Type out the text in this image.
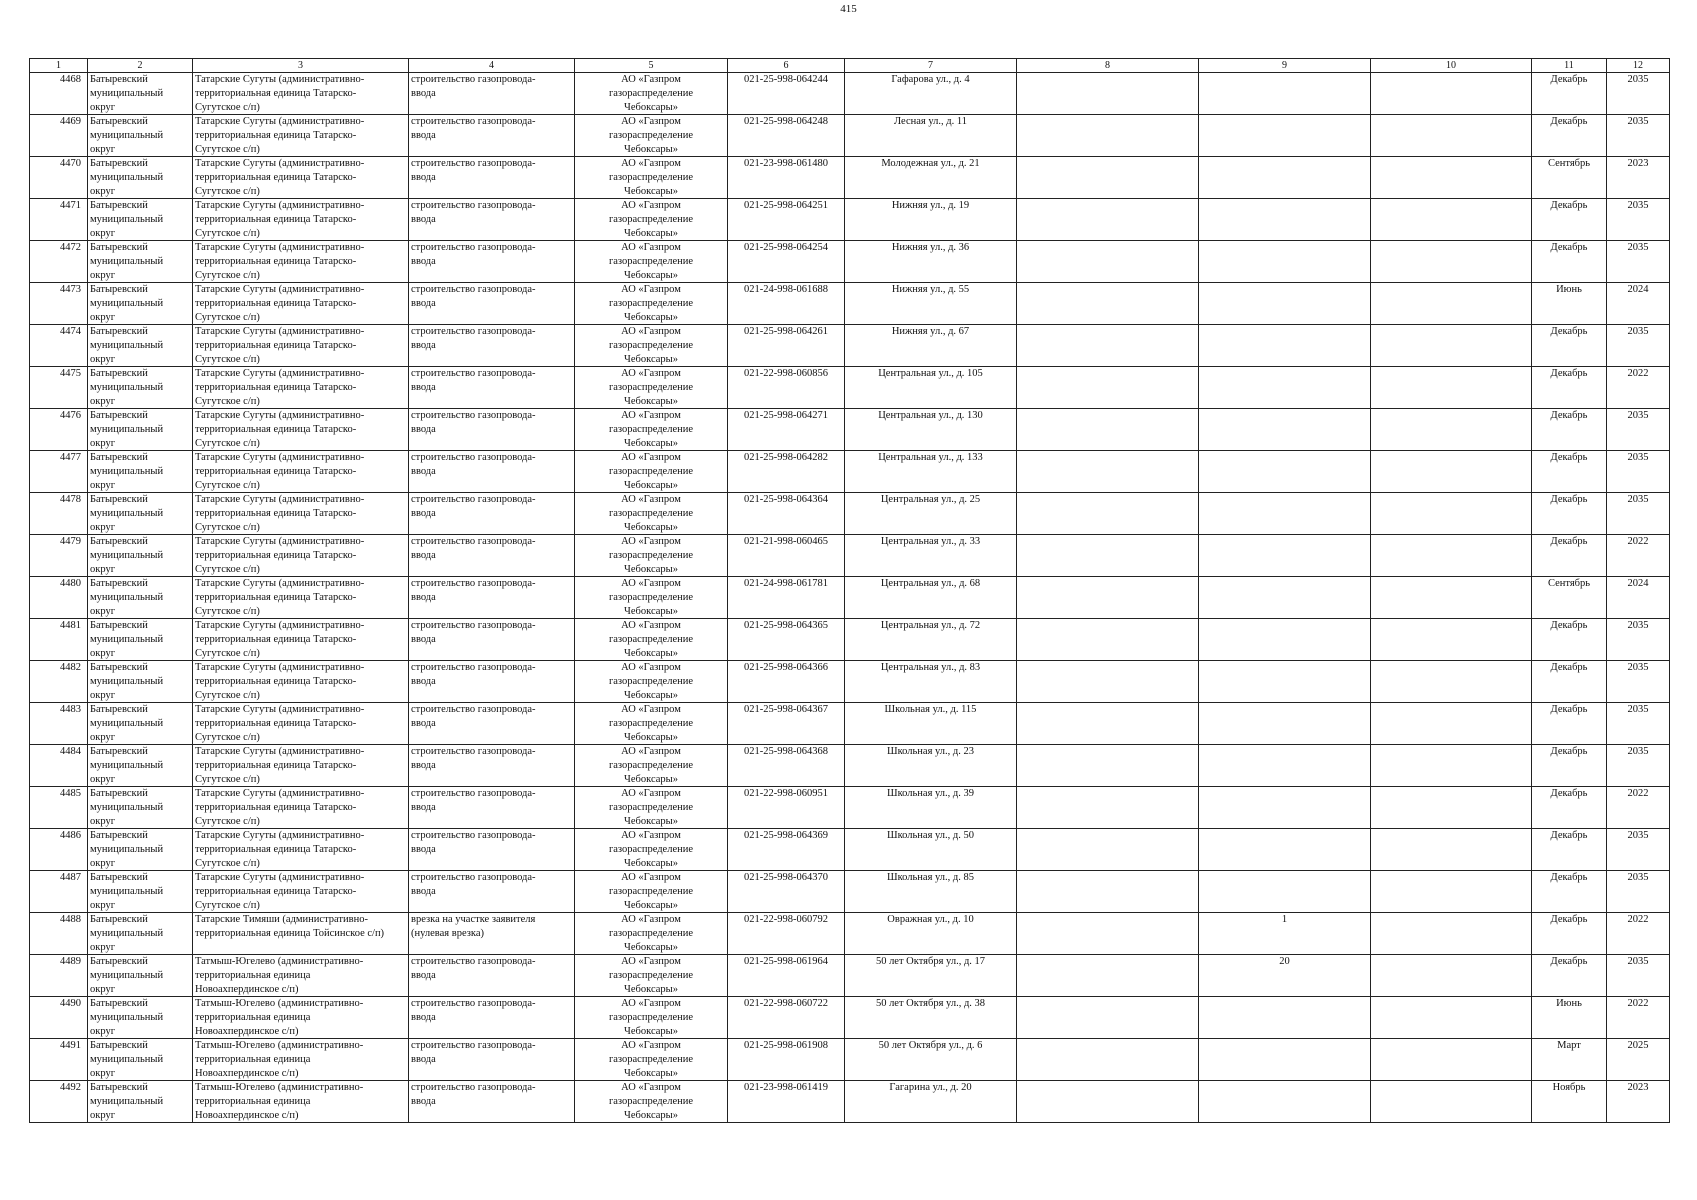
415
1	2	3	4	5	6	7	8	9	10	11	12
4468	Батыревский
муниципальный
округ	Татарские Сугуты (административно-
территориальная единица Татарско-
Сугутское с/п)	строительство газопровода-
ввода	АО «Газпром
газораспределение
Чебоксары»	021-25-998-064244	Гафарова ул., д. 4				Декабрь	2035
4469	Батыревский
муниципальный
округ	Татарские Сугуты (административно-
территориальная единица Татарско-
Сугутское с/п)	строительство газопровода-
ввода	АО «Газпром
газораспределение
Чебоксары»	021-25-998-064248	Лесная ул., д. 11				Декабрь	2035
4470	Батыревский
муниципальный
округ	Татарские Сугуты (административно-
территориальная единица Татарско-
Сугутское с/п)	строительство газопровода-
ввода	АО «Газпром
газораспределение
Чебоксары»	021-23-998-061480	Молодежная ул., д. 21				Сентябрь	2023
4471	Батыревский
муниципальный
округ	Татарские Сугуты (административно-
территориальная единица Татарско-
Сугутское с/п)	строительство газопровода-
ввода	АО «Газпром
газораспределение
Чебоксары»	021-25-998-064251	Нижняя ул., д. 19				Декабрь	2035
4472	Батыревский
муниципальный
округ	Татарские Сугуты (административно-
территориальная единица Татарско-
Сугутское с/п)	строительство газопровода-
ввода	АО «Газпром
газораспределение
Чебоксары»	021-25-998-064254	Нижняя ул., д. 36				Декабрь	2035
4473	Батыревский
муниципальный
округ	Татарские Сугуты (административно-
территориальная единица Татарско-
Сугутское с/п)	строительство газопровода-
ввода	АО «Газпром
газораспределение
Чебоксары»	021-24-998-061688	Нижняя ул., д. 55				Июнь	2024
4474	Батыревский
муниципальный
округ	Татарские Сугуты (административно-
территориальная единица Татарско-
Сугутское с/п)	строительство газопровода-
ввода	АО «Газпром
газораспределение
Чебоксары»	021-25-998-064261	Нижняя ул., д. 67				Декабрь	2035
4475	Батыревский
муниципальный
округ	Татарские Сугуты (административно-
территориальная единица Татарско-
Сугутское с/п)	строительство газопровода-
ввода	АО «Газпром
газораспределение
Чебоксары»	021-22-998-060856	Центральная ул., д. 105				Декабрь	2022
4476	Батыревский
муниципальный
округ	Татарские Сугуты (административно-
территориальная единица Татарско-
Сугутское с/п)	строительство газопровода-
ввода	АО «Газпром
газораспределение
Чебоксары»	021-25-998-064271	Центральная ул., д. 130				Декабрь	2035
4477	Батыревский
муниципальный
округ	Татарские Сугуты (административно-
территориальная единица Татарско-
Сугутское с/п)	строительство газопровода-
ввода	АО «Газпром
газораспределение
Чебоксары»	021-25-998-064282	Центральная ул., д. 133				Декабрь	2035
4478	Батыревский
муниципальный
округ	Татарские Сугуты (административно-
территориальная единица Татарско-
Сугутское с/п)	строительство газопровода-
ввода	АО «Газпром
газораспределение
Чебоксары»	021-25-998-064364	Центральная ул., д. 25				Декабрь	2035
4479	Батыревский
муниципальный
округ	Татарские Сугуты (административно-
территориальная единица Татарско-
Сугутское с/п)	строительство газопровода-
ввода	АО «Газпром
газораспределение
Чебоксары»	021-21-998-060465	Центральная ул., д. 33				Декабрь	2022
4480	Батыревский
муниципальный
округ	Татарские Сугуты (административно-
территориальная единица Татарско-
Сугутское с/п)	строительство газопровода-
ввода	АО «Газпром
газораспределение
Чебоксары»	021-24-998-061781	Центральная ул., д. 68				Сентябрь	2024
4481	Батыревский
муниципальный
округ	Татарские Сугуты (административно-
территориальная единица Татарско-
Сугутское с/п)	строительство газопровода-
ввода	АО «Газпром
газораспределение
Чебоксары»	021-25-998-064365	Центральная ул., д. 72				Декабрь	2035
4482	Батыревский
муниципальный
округ	Татарские Сугуты (административно-
территориальная единица Татарско-
Сугутское с/п)	строительство газопровода-
ввода	АО «Газпром
газораспределение
Чебоксары»	021-25-998-064366	Центральная ул., д. 83				Декабрь	2035
4483	Батыревский
муниципальный
округ	Татарские Сугуты (административно-
территориальная единица Татарско-
Сугутское с/п)	строительство газопровода-
ввода	АО «Газпром
газораспределение
Чебоксары»	021-25-998-064367	Школьная ул., д. 115				Декабрь	2035
4484	Батыревский
муниципальный
округ	Татарские Сугуты (административно-
территориальная единица Татарско-
Сугутское с/п)	строительство газопровода-
ввода	АО «Газпром
газораспределение
Чебоксары»	021-25-998-064368	Школьная ул., д. 23				Декабрь	2035
4485	Батыревский
муниципальный
округ	Татарские Сугуты (административно-
территориальная единица Татарско-
Сугутское с/п)	строительство газопровода-
ввода	АО «Газпром
газораспределение
Чебоксары»	021-22-998-060951	Школьная ул., д. 39				Декабрь	2022
4486	Батыревский
муниципальный
округ	Татарские Сугуты (административно-
территориальная единица Татарско-
Сугутское с/п)	строительство газопровода-
ввода	АО «Газпром
газораспределение
Чебоксары»	021-25-998-064369	Школьная ул., д. 50				Декабрь	2035
4487	Батыревский
муниципальный
округ	Татарские Сугуты (административно-
территориальная единица Татарско-
Сугутское с/п)	строительство газопровода-
ввода	АО «Газпром
газораспределение
Чебоксары»	021-25-998-064370	Школьная ул., д. 85				Декабрь	2035
4488	Батыревский
муниципальный
округ	Татарские Тимяши (административно-
территориальная единица Тойсинское с/п)	врезка на участке заявителя
(нулевая врезка)	АО «Газпром
газораспределение
Чебоксары»	021-22-998-060792	Овражная ул., д. 10		1		Декабрь	2022
4489	Батыревский
муниципальный
округ	Татмыш-Югелево (административно-
территориальная единица
Новоахпердинское с/п)	строительство газопровода-
ввода	АО «Газпром
газораспределение
Чебоксары»	021-25-998-061964	50 лет Октября ул., д. 17		20		Декабрь	2035
4490	Батыревский
муниципальный
округ	Татмыш-Югелево (административно-
территориальная единица
Новоахпердинское с/п)	строительство газопровода-
ввода	АО «Газпром
газораспределение
Чебоксары»	021-22-998-060722	50 лет Октября ул., д. 38				Июнь	2022
4491	Батыревский
муниципальный
округ	Татмыш-Югелево (административно-
территориальная единица
Новоахпердинское с/п)	строительство газопровода-
ввода	АО «Газпром
газораспределение
Чебоксары»	021-25-998-061908	50 лет Октября ул., д. 6				Март	2025
4492	Батыревский
муниципальный
округ	Татмыш-Югелево (административно-
территориальная единица
Новоахпердинское с/п)	строительство газопровода-
ввода	АО «Газпром
газораспределение
Чебоксары»	021-23-998-061419	Гагарина ул., д. 20				Ноябрь	2023
